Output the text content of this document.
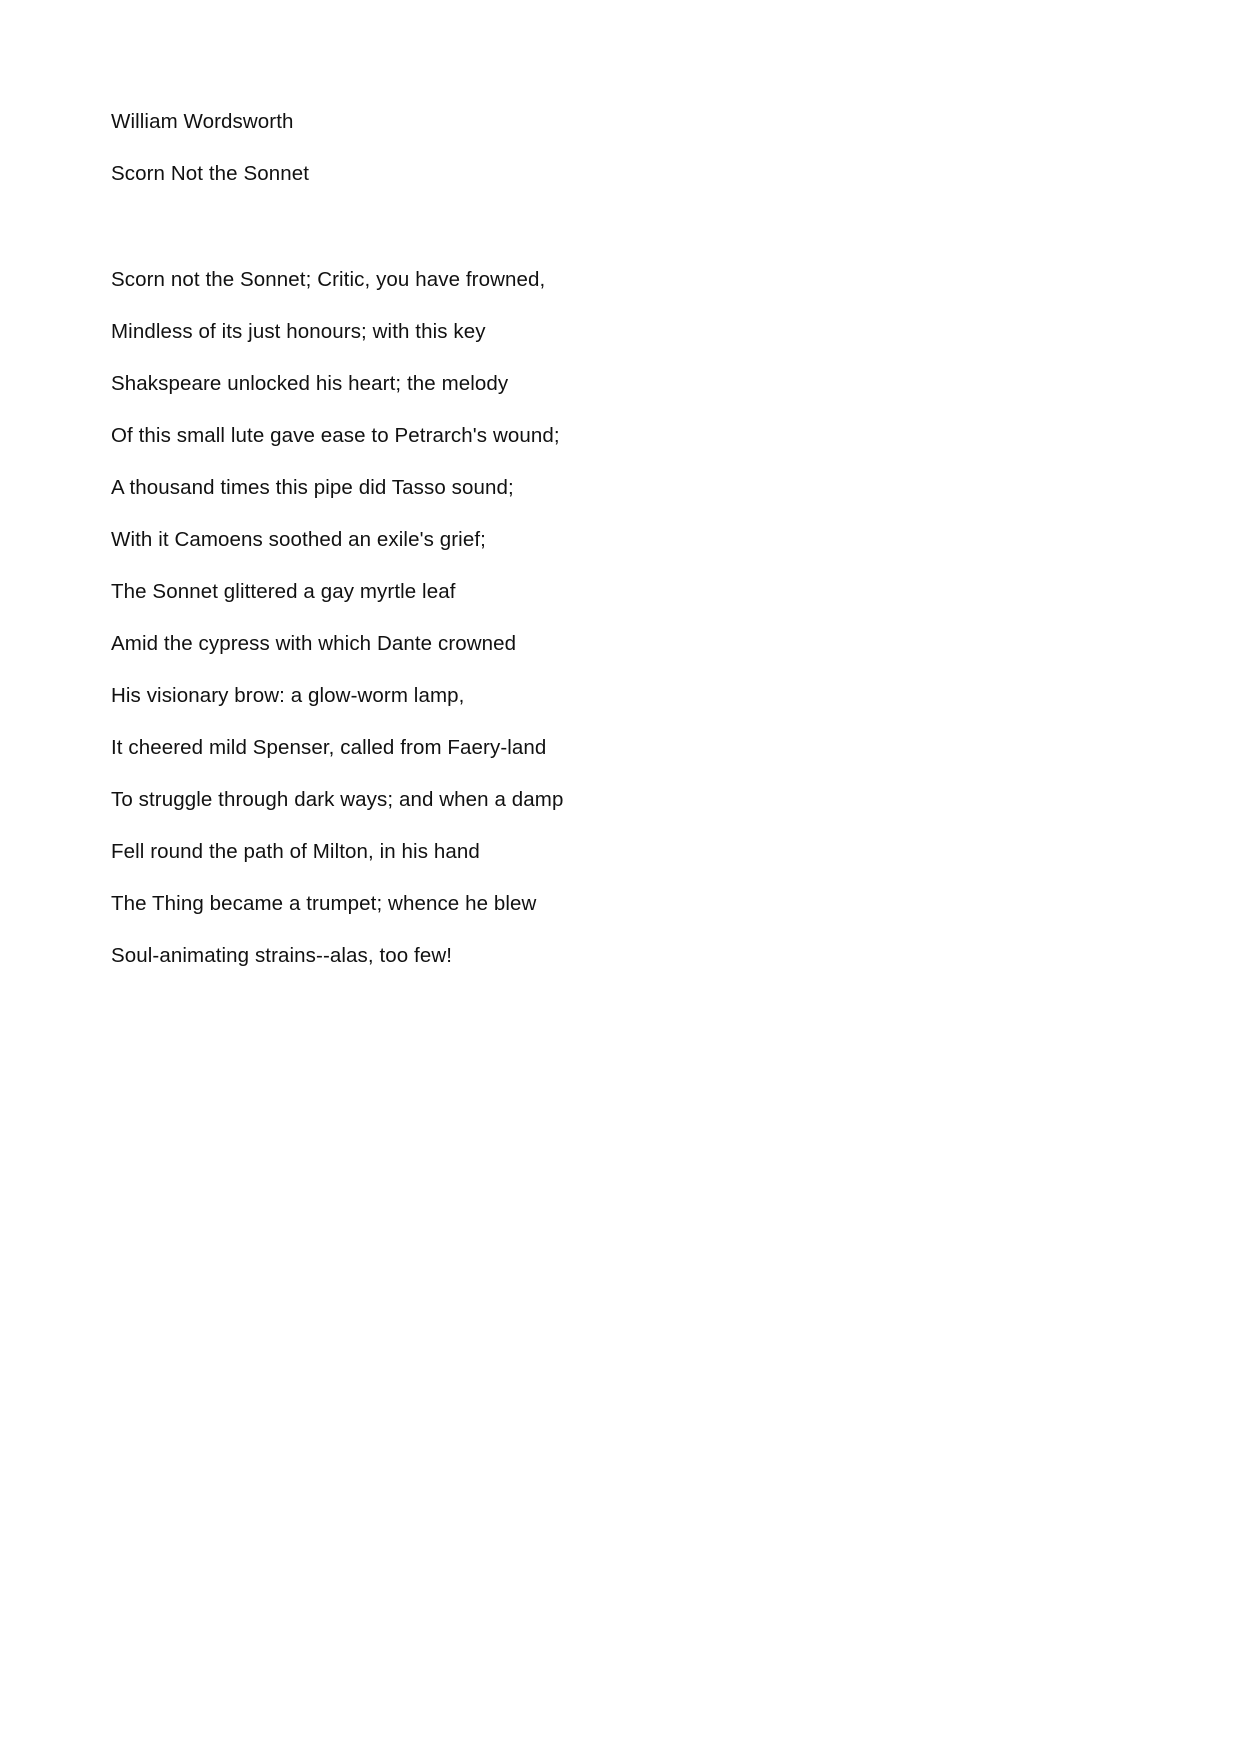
William Wordsworth
Scorn Not the Sonnet
Scorn not the Sonnet; Critic, you have frowned,
Mindless of its just honours; with this key
Shakspeare unlocked his heart; the melody
Of this small lute gave ease to Petrarch's wound;
A thousand times this pipe did Tasso sound;
With it Camoens soothed an exile's grief;
The Sonnet glittered a gay myrtle leaf
Amid the cypress with which Dante crowned
His visionary brow: a glow-worm lamp,
It cheered mild Spenser, called from Faery-land
To struggle through dark ways; and when a damp
Fell round the path of Milton, in his hand
The Thing became a trumpet; whence he blew
Soul-animating strains--alas, too few!
